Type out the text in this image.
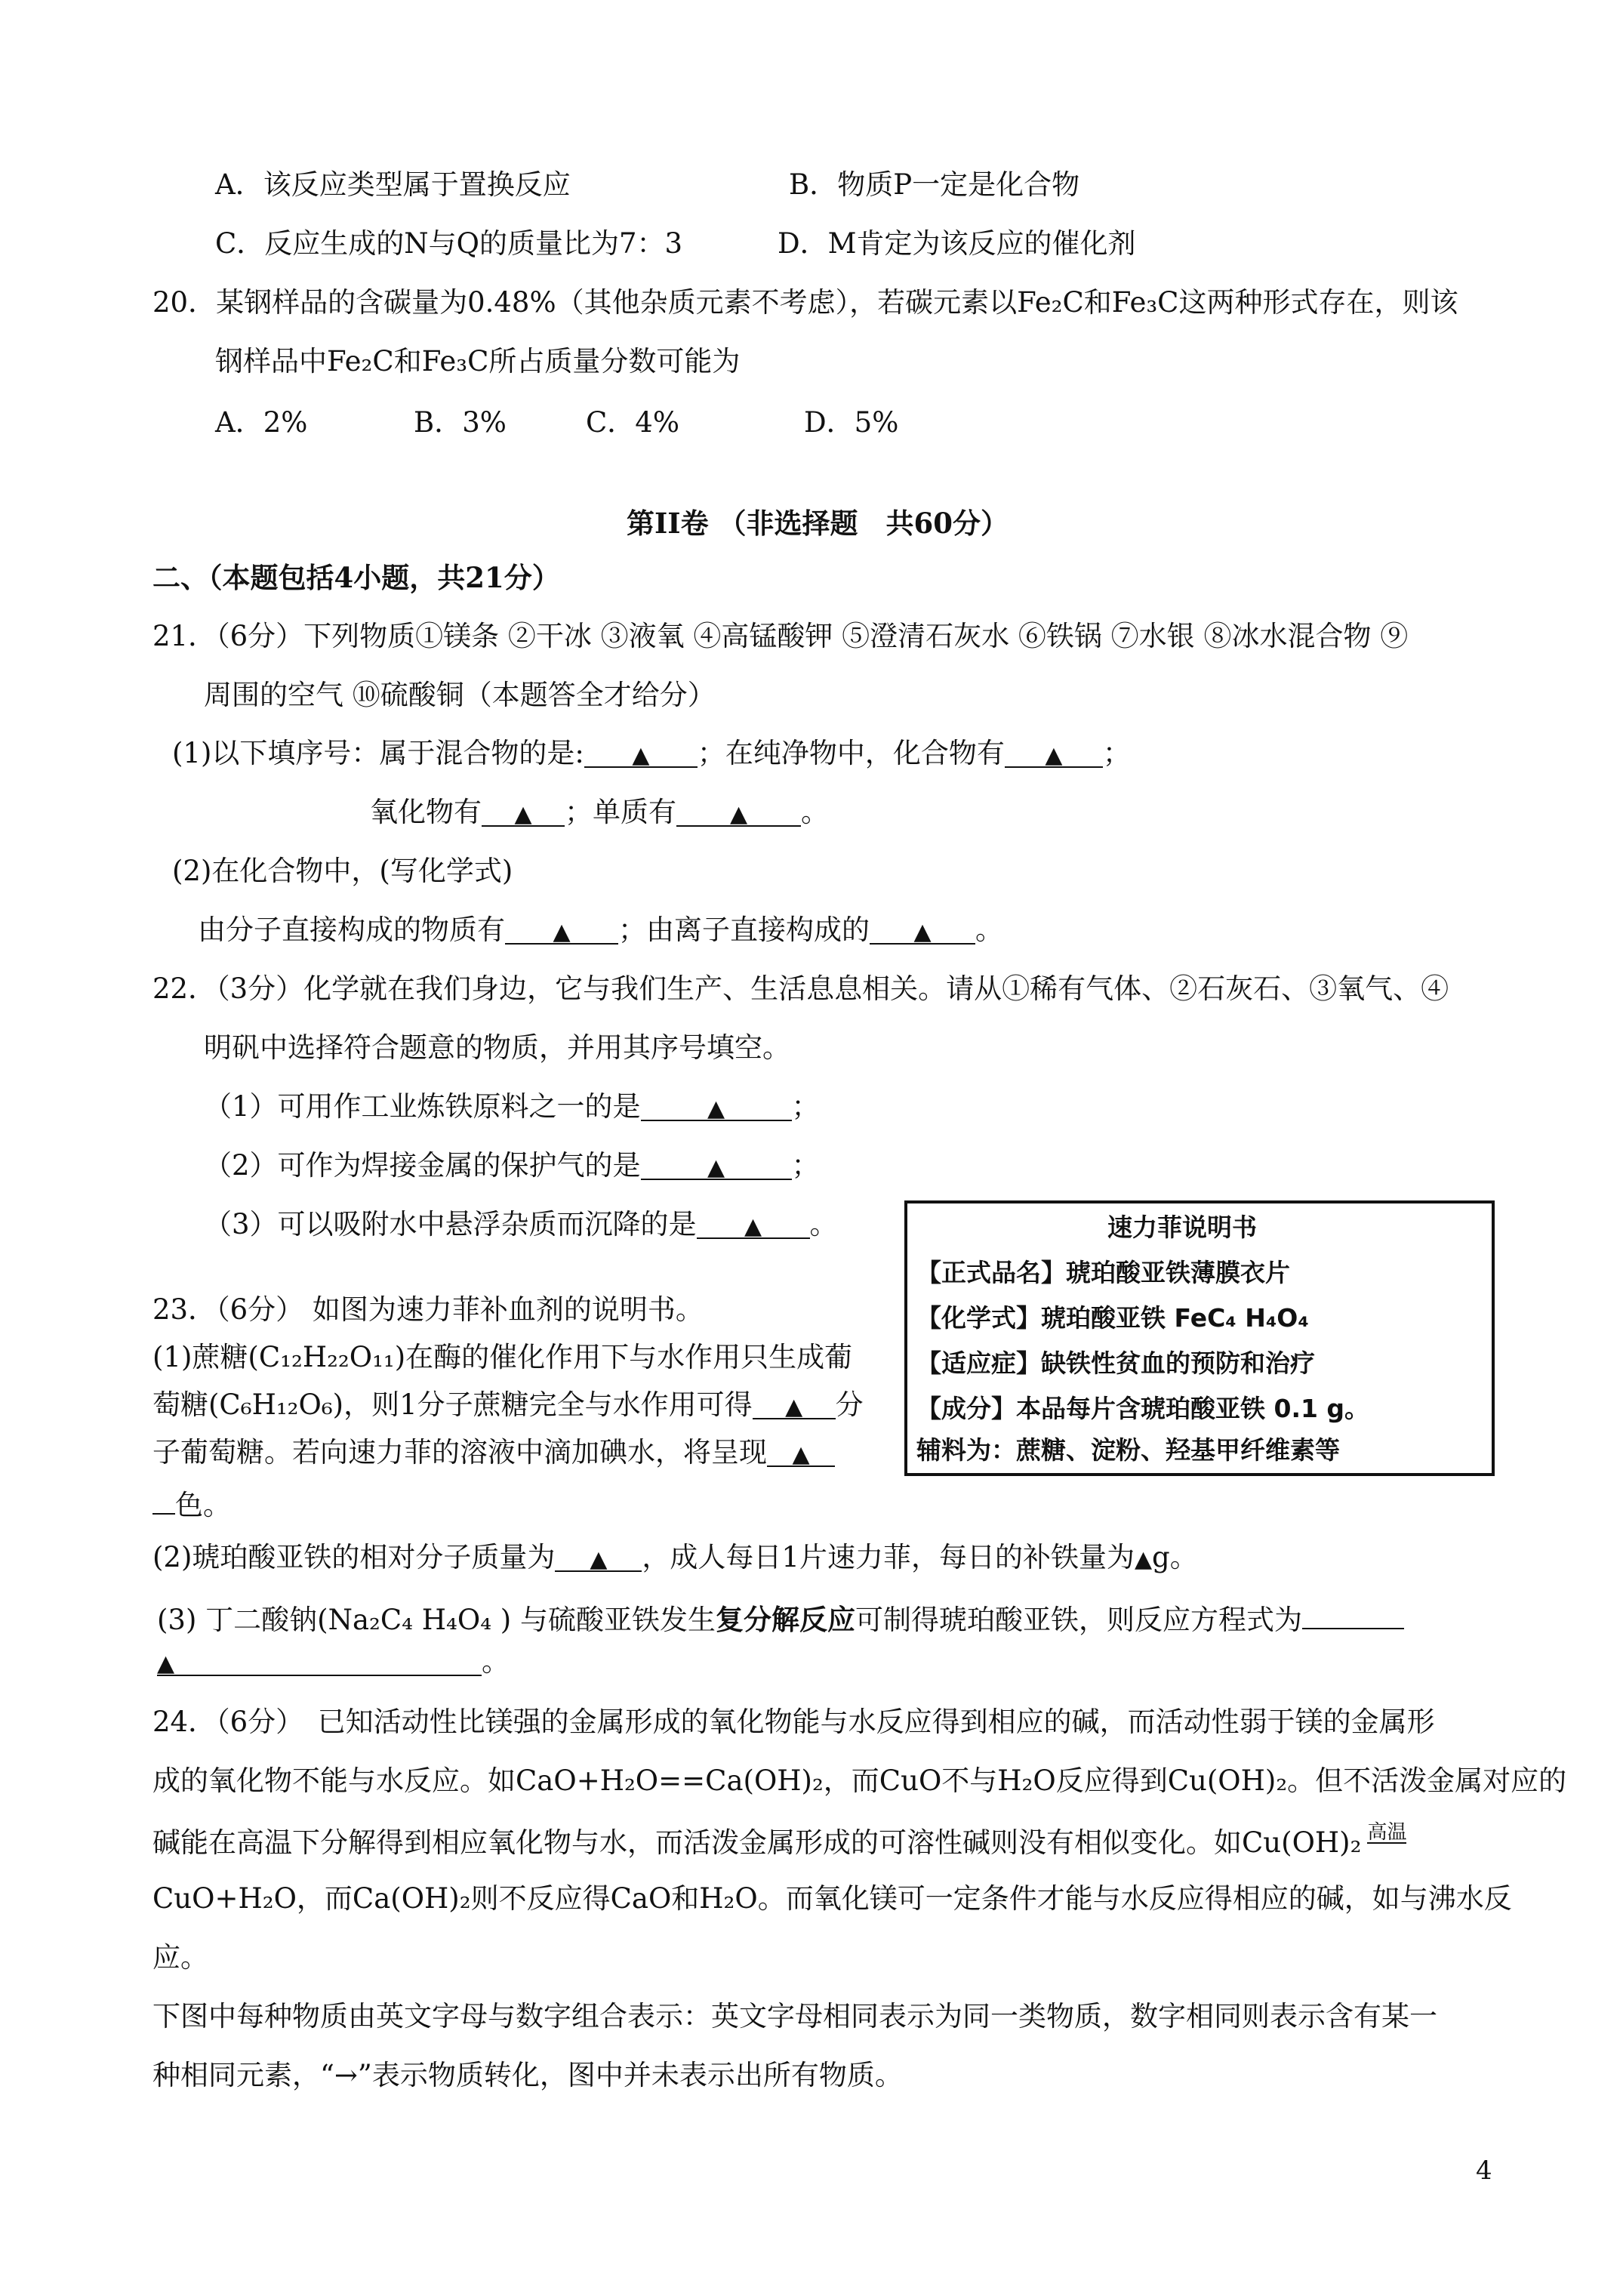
A．该反应类型属于置换反应	B．物质P一定是化合物
C．反应生成的N与Q的质量比为7：3	D．M肯定为该反应的催化剂
20．某钢样品的含碳量为0.48%（其他杂质元素不考虑），若碳元素以Fe₂C和Fe₃C这两种形式存在，则该
钢样品中Fe₂C和Fe₃C所占质量分数可能为
A．2%	B．3%	C．4%	D．5%
第II卷 （非选择题　共60分）
二、（本题包括4小题，共21分）
21．（6分）下列物质①镁条 ②干冰 ③液氧 ④高锰酸钾 ⑤澄清石灰水 ⑥铁锅 ⑦水银 ⑧冰水混合物 ⑨
周围的空气 ⑩硫酸铜（本题答全才给分）
(1)以下填序号：属于混合物的是: ▲ ；在纯净物中，化合物有 ▲ ；
氧化物有 ▲ ；单质有 ▲ 。
(2)在化合物中，(写化学式)
由分子直接构成的物质有 ▲ ；由离子直接构成的 ▲ 。
22．（3分）化学就在我们身边，它与我们生产、生活息息相关。请从①稀有气体、②石灰石、③氧气、④
明矾中选择符合题意的物质，并用其序号填空。
（1）可用作工业炼铁原料之一的是	▲ ；
（2）可作为焊接金属的保护气的是	▲ ；
（3）可以吸附水中悬浮杂质而沉降的是 ▲ 。	速力菲说明书
【正式品名】琥珀酸亚铁薄膜衣片
【化学式】琥珀酸亚铁 FeC₄ H₄O₄
【适应症】缺铁性贫血的预防和治疗
【成分】本品每片含琥珀酸亚铁 0.1 g。
辅料为：蔗糖、淀粉、羟基甲纤维素等
23．（6分） 如图为速力菲补血剂的说明书。
(1)蔗糖(C₁₂H₂₂O₁₁)在酶的催化作用下与水作用只生成葡
萄糖(C₆H₁₂O₆)，则1分子蔗糖完全与水作用可得 ▲ 分
子葡萄糖。若向速力菲的溶液中滴加碘水，将呈现 ▲
色。
(2)琥珀酸亚铁的相对分子质量为 ▲ ，成人每日1片速力菲，每日的补铁量为▲g。
(3) 丁二酸钠(Na₂C₄ H₄O₄ ) 与硫酸亚铁发生复分解反应可制得琥珀酸亚铁，则反应方程式为
▲	。
24．（6分）　已知活动性比镁强的金属形成的氧化物能与水反应得到相应的碱，而活动性弱于镁的金属形
成的氧化物不能与水反应。如CaO+H₂O==Ca(OH)₂，而CuO不与H₂O反应得到Cu(OH)₂。但不活泼金属对应的
碱能在高温下分解得到相应氧化物与水，而活泼金属形成的可溶性碱则没有相似变化。如Cu(OH)₂ 高温
CuO+H₂O，而Ca(OH)₂则不反应得CaO和H₂O。而氧化镁可一定条件才能与水反应得相应的碱，如与沸水反
应。
下图中每种物质由英文字母与数字组合表示：英文字母相同表示为同一类物质，数字相同则表示含有某一
种相同元素，“→”表示物质转化，图中并未表示出所有物质。
4
